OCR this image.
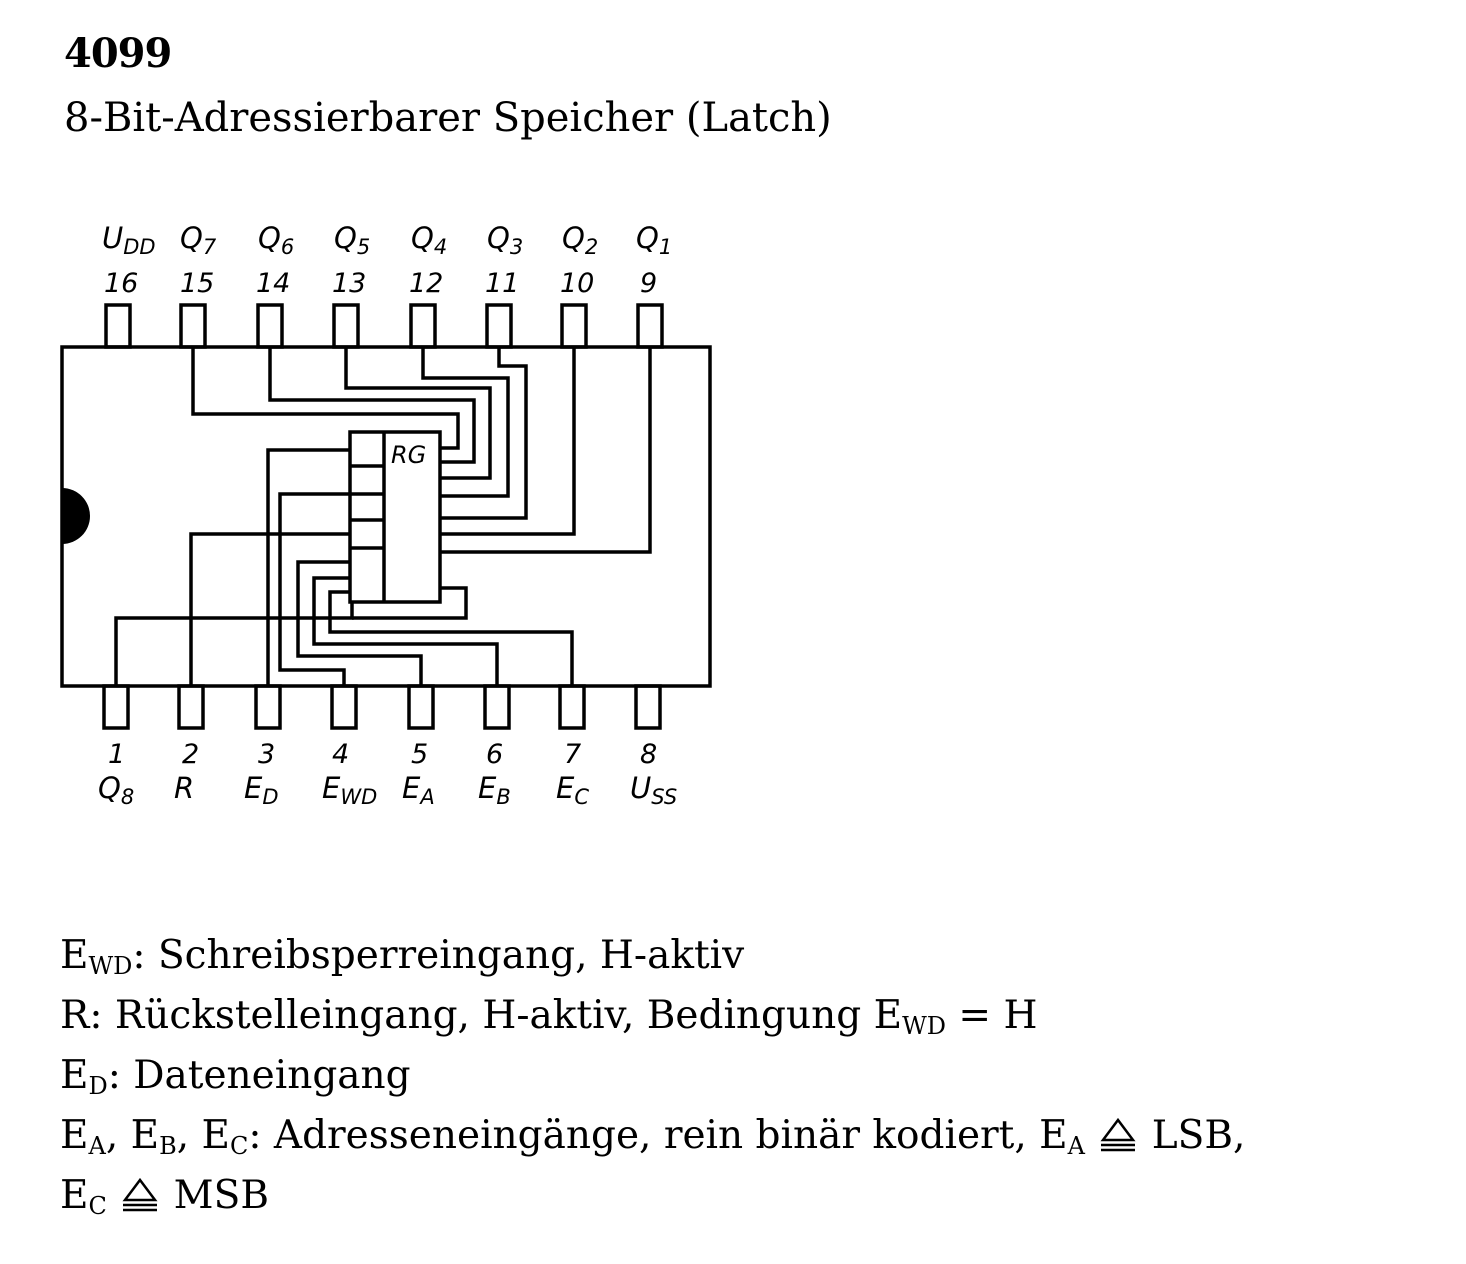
4099
8-Bit-Adressierbarer Speicher (Latch)
RG
$U_{DD}$
16
$Q_7$
15
$Q_6$
14
$Q_5$
13
$Q_4$
12
$Q_3$
11
$Q_2$
10
$Q_1$
9
1
$Q_8$
2
R
3
$E_D$
4
$E_{WD}$
5
$E_A$
6
$E_B$
7
$E_C$
8
$U_{SS}$
EWD: Schreibsperreingang, H-aktiv
R: Rückstelleingang, H-aktiv, Bedingung EWD = H
ED: Dateneingang
EA, EB, EC: Adresseneingänge, rein binär kodiert, EA  LSB,
EC  MSB
